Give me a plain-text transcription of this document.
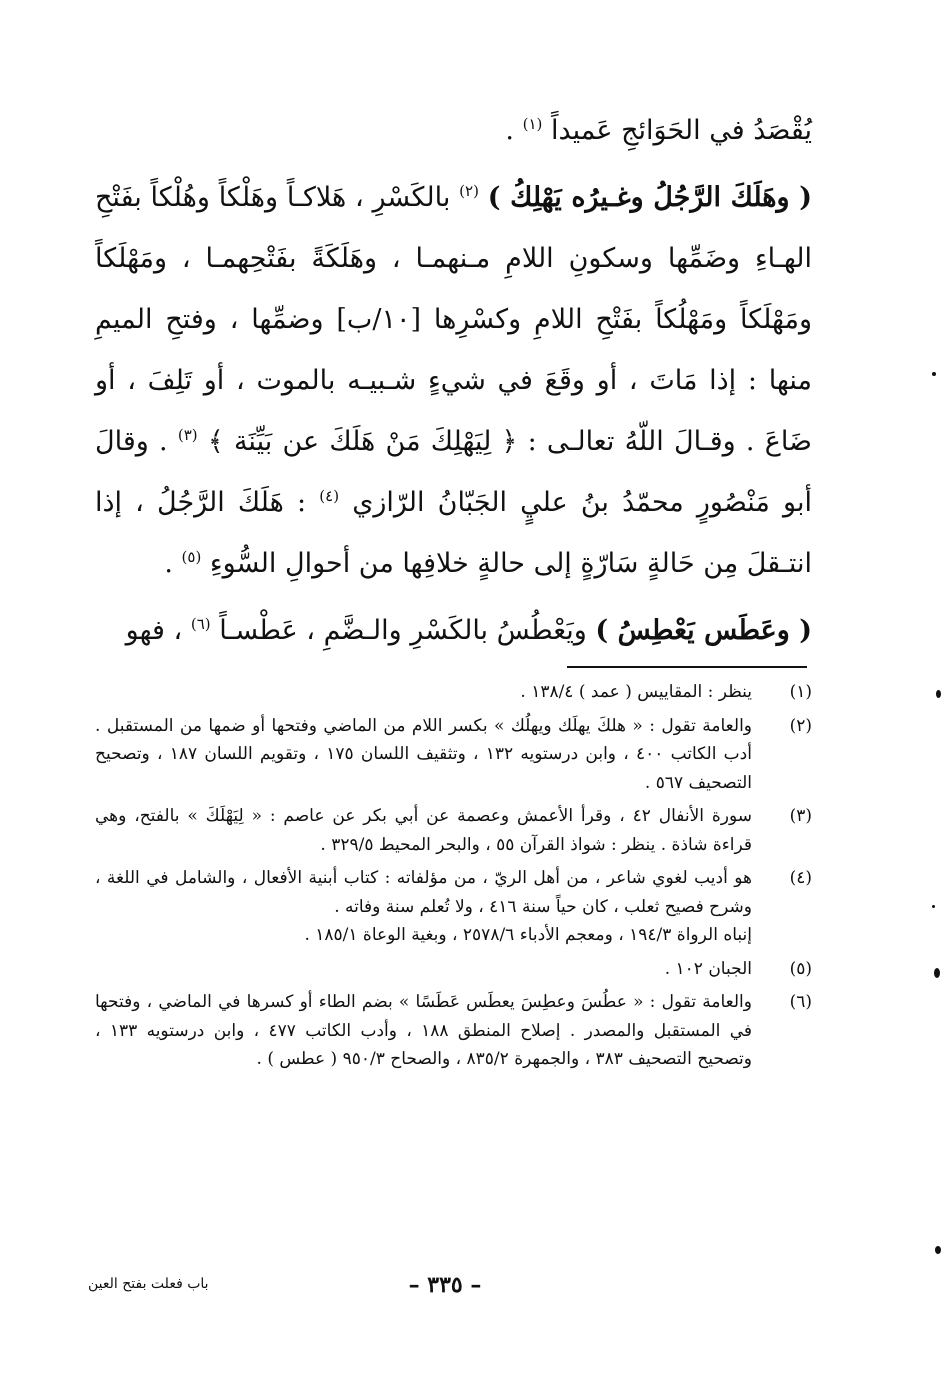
يُقْصَدُ في الحَوَائجِ عَميداً $^{(١)}$ .

( وهَلَكَ الرَّجُلُ وغـيرُه يَهْلِكُ ) $^{(٢)}$ بالكَسْرِ ، هَلاكـاً وهَلْكاً وهُلْكاً بفَتْحِ الهـاءِ وضَمِّها وسكونِ اللامِ مـنهمـا ، وهَلَكَةً بفَتْحِهمـا ، ومَهْلَكاً ومَهْلَكاً ومَهْلُكاً بفَتْحِ اللامِ وكسْرِها [١٠/ب] وضمِّها ، وفتحِ الميمِ منها : إذا مَاتَ ، أو وقَعَ في شيءٍ شـبيـه بالموت ، أو تَلِفَ ، أو ضَاعَ . وقـالَ اللّهُ تعالـى : ﴿ لِيَهْلِكَ مَنْ هَلَكَ عن بَيِّنَة ﴾ $^{(٣)}$ . وقالَ أبو مَنْصُورٍ محمّدُ بنُ عليٍ الجَبّانُ الرّازي $^{(٤)}$ : هَلَكَ الرَّجُلُ ، إذا انتـقلَ مِن حَالةٍ سَارّةٍ إلى حالةٍ خلافِها من أحوالِ السُّوءِ $^{(٥)}$ .

( وعَطَس يَعْطِسُ ) ويَعْطُسُ بالكَسْرِ والـضَّمِ ، عَطْسـاً $^{(٦)}$ ، فهو

(١)
ينظر : المقاييس ( عمد ) ١٣٨/٤ .
(٢)
والعامة تقول : « هلكَ يهلَك ويهلُك » بكسر اللام من الماضي وفتحها أو ضمها من المستقبل . أدب الكاتب ٤٠٠ ، وابن درستويه ١٣٢ ، وتثقيف اللسان ١٧٥ ، وتقويم اللسان ١٨٧ ، وتصحيح التصحيف ٥٦٧ .
(٣)
سورة الأنفال ٤٢ ، وقرأ الأعمش وعصمة عن أبي بكر عن عاصم : « لِيَهْلَكَ » بالفتح، وهي قراءة شاذة . ينظر : شواذ القرآن ٥٥ ، والبحر المحيط ٣٢٩/٥ .
(٤)
هو أديب لغوي شاعر ، من أهل الريّ ، من مؤلفاته : كتاب أبنية الأفعال ، والشامل في اللغة ، وشرح فصيح ثعلب ، كان حياً سنة ٤١٦ ، ولا تُعلم سنة وفاته .
إنباه الرواة ١٩٤/٣ ، ومعجم الأدباء ٢٥٧٨/٦ ، وبغية الوعاة ١٨٥/١ .
(٥)
الجبان ١٠٢ .
(٦)
والعامة تقول : « عطُسَ وعطِسَ يعطَس عَطَسًا » بضم الطاء أو كسرها في الماضي ، وفتحها في المستقبل والمصدر . إصلاح المنطق ١٨٨ ، وأدب الكاتب ٤٧٧ ، وابن درستويه ١٣٣ ، وتصحيح التصحيف ٣٨٣ ، والجمهرة ٨٣٥/٢ ، والصحاح ٩٥٠/٣ ( عطس ) .
– ٣٣٥ –
باب فعلت بفتح العين
